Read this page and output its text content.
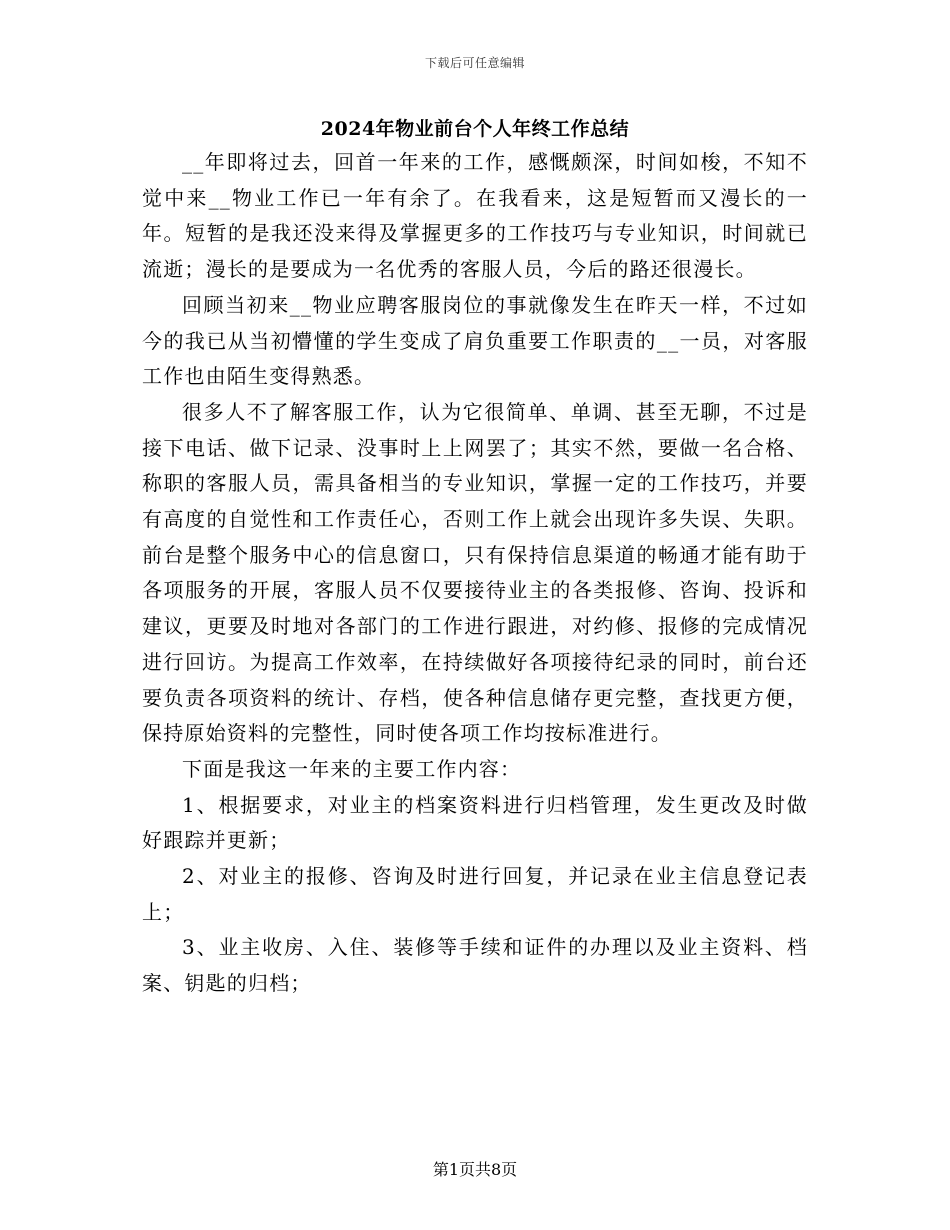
下载后可任意编辑
2024年物业前台个人年终工作总结

__年即将过去，回首一年来的工作，感慨颇深，时间如梭，不知不觉中来__物业工作已一年有余了。在我看来，这是短暂而又漫长的一年。短暂的是我还没来得及掌握更多的工作技巧与专业知识，时间就已流逝；漫长的是要成为一名优秀的客服人员，今后的路还很漫长。

回顾当初来__物业应聘客服岗位的事就像发生在昨天一样，不过如今的我已从当初懵懂的学生变成了肩负重要工作职责的__一员，对客服工作也由陌生变得熟悉。

很多人不了解客服工作，认为它很简单、单调、甚至无聊，不过是接下电话、做下记录、没事时上上网罢了；其实不然，要做一名合格、称职的客服人员，需具备相当的专业知识，掌握一定的工作技巧，并要有高度的自觉性和工作责任心，否则工作上就会出现许多失误、失职。前台是整个服务中心的信息窗口，只有保持信息渠道的畅通才能有助于各项服务的开展，客服人员不仅要接待业主的各类报修、咨询、投诉和建议，更要及时地对各部门的工作进行跟进，对约修、报修的完成情况进行回访。为提高工作效率，在持续做好各项接待纪录的同时，前台还要负责各项资料的统计、存档，使各种信息储存更完整，查找更方便，保持原始资料的完整性，同时使各项工作均按标准进行。

下面是我这一年来的主要工作内容：

1、根据要求，对业主的档案资料进行归档管理，发生更改及时做好跟踪并更新；

2、对业主的报修、咨询及时进行回复，并记录在业主信息登记表上；

3、业主收房、入住、装修等手续和证件的办理以及业主资料、档案、钥匙的归档；

第1页共8页
